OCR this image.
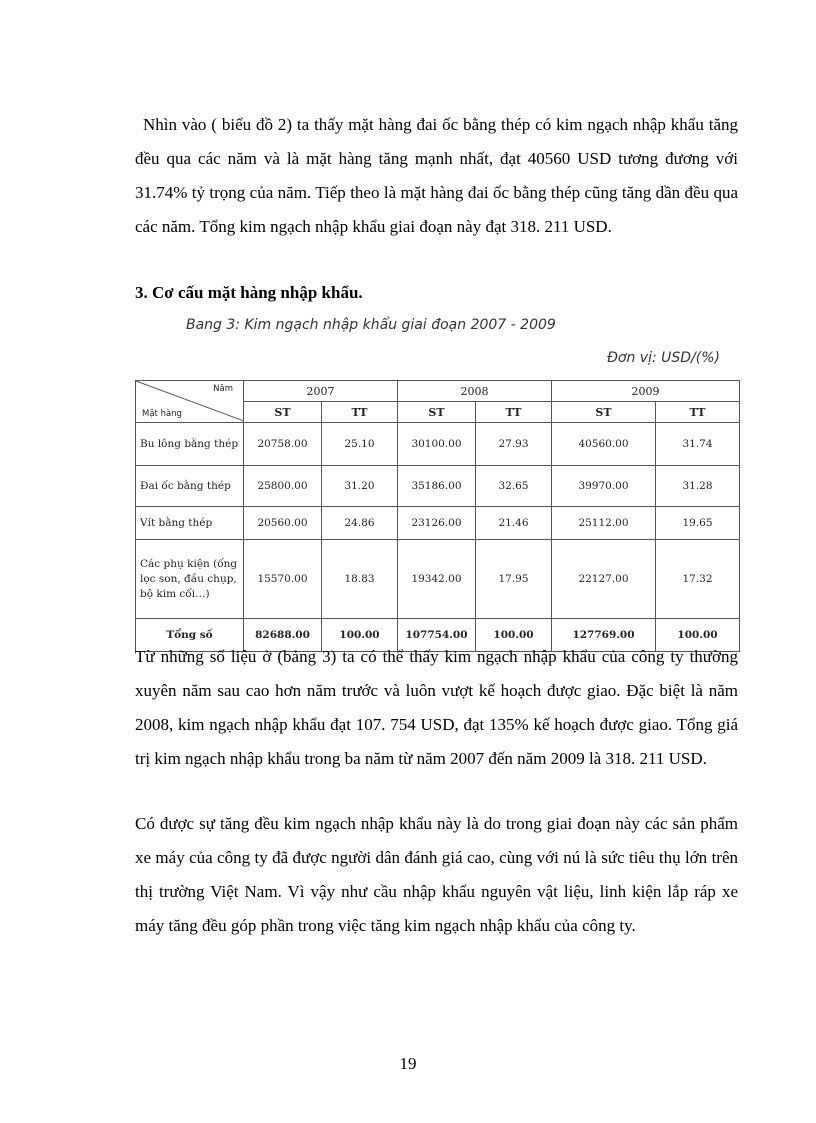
Nhìn vào ( biểu đồ 2) ta thấy mặt hàng đai ốc bằng thép có kim ngạch nhập khẩu tăng đều qua các năm và là mặt hàng tăng mạnh nhất, đạt 40560 USD tương đương với 31.74% tỷ trọng của năm. Tiếp theo là mặt hàng đai ốc bằng thép cũng tăng dần đều qua các năm. Tổng kim ngạch nhập khẩu giai đoạn này đạt 318. 211 USD.
3. Cơ cấu mặt hàng nhập khẩu.
Bang 3: Kim ngạch nhập khẩu giai đoạn 2007 - 2009
Đơn vị: USD/(%)
Năm
Mặt hàng	2007		2008		2009	
	ST	TT	ST	TT	ST	TT
Bu lông bằng thép	20758.00	25.10	30100.00	27.93	40560.00	31.74
Đai ốc bằng thép	25800.00	31.20	35186.00	32.65	39970.00	31.28
Vít bằng thép	20560.00	24.86	23126.00	21.46	25112.00	19.65
Các phụ kiện (ống lọc son, đầu chụp, bộ kim cối…)	15570.00	18.83	19342.00	17.95	22127.00	17.32
Tổng số	82688.00	100.00	107754.00	100.00	127769.00	100.00
Từ những số liệu ở (bảng 3) ta có thể thấy kim ngạch nhập khẩu của công ty thường xuyên năm sau cao hơn năm trước và luôn vượt kế hoạch được giao. Đặc biệt là năm 2008, kim ngạch nhập khẩu đạt 107. 754 USD, đạt 135% kế hoạch được giao. Tổng giá trị kim ngạch nhập khẩu trong ba năm từ năm 2007 đến năm 2009 là 318. 211 USD.
Có được sự tăng đều kim ngạch nhập khẩu này là do trong giai đoạn này các sản phẩm xe máy của công ty đã được người dân đánh giá cao, cùng với nú là sức tiêu thụ lớn trên thị trường Việt Nam. Vì vậy như cầu nhập khẩu nguyên vật liệu, linh kiện lắp ráp xe máy tăng đều góp phần trong việc tăng kim ngạch nhập khẩu của công ty.
19
